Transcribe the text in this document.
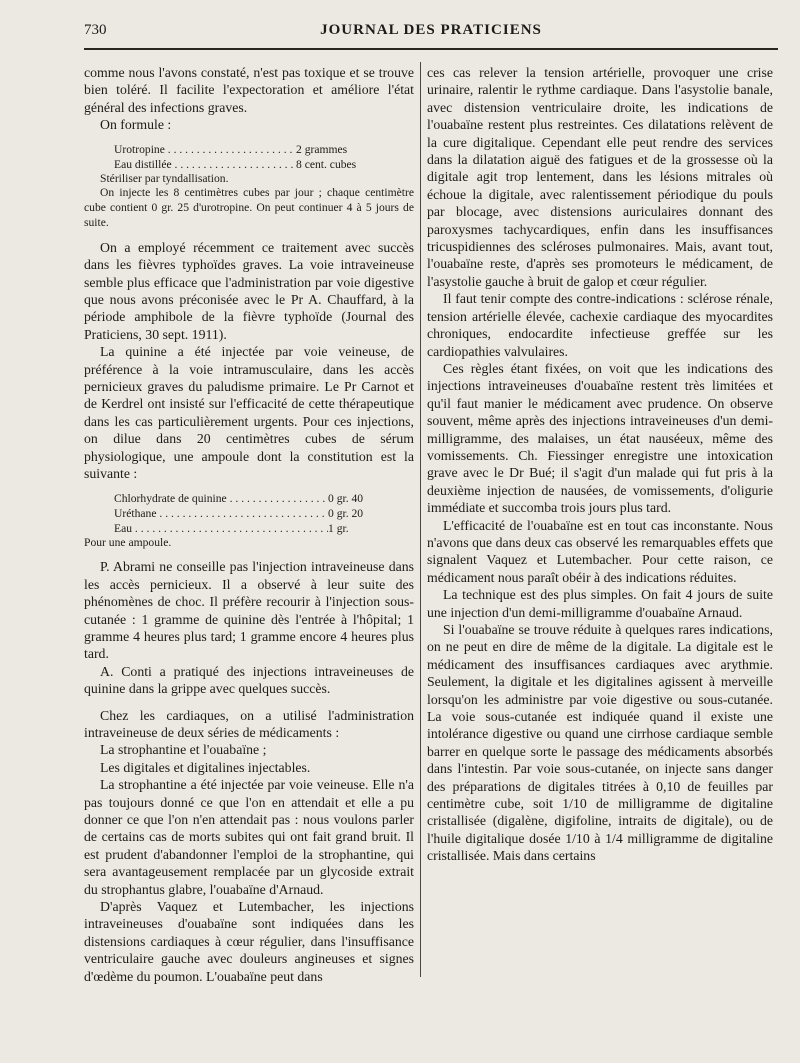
730	JOURNAL DES PRATICIENS

comme nous l'avons constaté, n'est pas toxique et se trouve bien toléré. Il facilite l'expectoration et améliore l'état général des infections graves.

On formule :

Urotropine . . .	2 grammes
Eau distillée . . .	8 cent. cubes

Stériliser par tyndallisation.

On injecte les 8 centimètres cubes par jour ; chaque centimètre cube contient 0 gr. 25 d'urotropine. On peut continuer 4 à 5 jours de suite.

On a employé récemment ce traitement avec succès dans les fièvres typhoïdes graves. La voie intraveineuse semble plus efficace que l'administration par voie digestive que nous avons préconisée avec le Pr A. Chauffard, à la période amphibole de la fièvre typhoïde (Journal des Praticiens, 30 sept. 1911).

La quinine a été injectée par voie veineuse, de préférence à la voie intramusculaire, dans les accès pernicieux graves du paludisme primaire. Le Pr Carnot et de Kerdrel ont insisté sur l'efficacité de cette thérapeutique dans les cas particulièrement urgents. Pour ces injections, on dilue dans 20 centimètres cubes de sérum physiologique, une ampoule dont la constitution est la suivante :

Chlorhydrate de quinine . . .	0 gr. 40
Uréthane . . .	0 gr. 20
Eau . . .	1 gr.

Pour une ampoule.

P. Abrami ne conseille pas l'injection intraveineuse dans les accès pernicieux. Il a observé à leur suite des phénomènes de choc. Il préfère recourir à l'injection sous-cutanée : 1 gramme de quinine dès l'entrée à l'hôpital; 1 gramme 4 heures plus tard; 1 gramme encore 4 heures plus tard.

A. Conti a pratiqué des injections intraveineuses de quinine dans la grippe avec quelques succès.

Chez les cardiaques, on a utilisé l'administration intraveineuse de deux séries de médicaments :

La strophantine et l'ouabaïne ;

Les digitales et digitalines injectables.

La strophantine a été injectée par voie veineuse. Elle n'a pas toujours donné ce que l'on en attendait et elle a pu donner ce que l'on n'en attendait pas : nous voulons parler de certains cas de morts subites qui ont fait grand bruit. Il est prudent d'abandonner l'emploi de la strophantine, qui sera avantageusement remplacée par un glycoside extrait du strophantus glabre, l'ouabaïne d'Arnaud.

D'après Vaquez et Lutembacher, les injections intraveineuses d'ouabaïne sont indiquées dans les distensions cardiaques à cœur régulier, dans l'insuffisance ventriculaire gauche avec douleurs angineuses et signes d'œdème du poumon. L'ouabaïne peut dans

ces cas relever la tension artérielle, provoquer une crise urinaire, ralentir le rythme cardiaque. Dans l'asystolie banale, avec distension ventriculaire droite, les indications de l'ouabaïne restent plus restreintes. Ces dilatations relèvent de la cure digitalique. Cependant elle peut rendre des services dans la dilatation aiguë des fatigues et de la grossesse où la digitale agit trop lentement, dans les lésions mitrales où échoue la digitale, avec ralentissement périodique du pouls par blocage, avec distensions auriculaires donnant des paroxysmes tachycardiques, enfin dans les insuffisances tricuspidiennes des scléroses pulmonaires. Mais, avant tout, l'ouabaïne reste, d'après ses promoteurs le médicament, de l'asystolie gauche à bruit de galop et cœur régulier.

Il faut tenir compte des contre-indications : sclérose rénale, tension artérielle élevée, cachexie cardiaque des myocardites chroniques, endocardite infectieuse greffée sur les cardiopathies valvulaires.

Ces règles étant fixées, on voit que les indications des injections intraveineuses d'ouabaïne restent très limitées et qu'il faut manier le médicament avec prudence. On observe souvent, même après des injections intraveineuses d'un demi-milligramme, des malaises, un état nauséeux, même des vomissements. Ch. Fiessinger enregistre une intoxication grave avec le Dr Bué; il s'agit d'un malade qui fut pris à la deuxième injection de nausées, de vomissements, d'oligurie immédiate et succomba trois jours plus tard.

L'efficacité de l'ouabaïne est en tout cas inconstante. Nous n'avons que dans deux cas observé les remarquables effets que signalent Vaquez et Lutembacher. Pour cette raison, ce médicament nous paraît obéir à des indications réduites.

La technique est des plus simples. On fait 4 jours de suite une injection d'un demi-milligramme d'ouabaïne Arnaud.

Si l'ouabaïne se trouve réduite à quelques rares indications, on ne peut en dire de même de la digitale. La digitale est le médicament des insuffisances cardiaques avec arythmie. Seulement, la digitale et les digitalines agissent à merveille lorsqu'on les administre par voie digestive ou sous-cutanée. La voie sous-cutanée est indiquée quand il existe une intolérance digestive ou quand une cirrhose cardiaque semble barrer en quelque sorte le passage des médicaments absorbés dans l'intestin. Par voie sous-cutanée, on injecte sans danger des préparations de digitales titrées à 0,10 de feuilles par centimètre cube, soit 1/10 de milligramme de digitaline cristallisée (digalène, digifoline, intraits de digitale), ou de l'huile digitalique dosée 1/10 à 1/4 milligramme de digitaline cristallisée. Mais dans certains
